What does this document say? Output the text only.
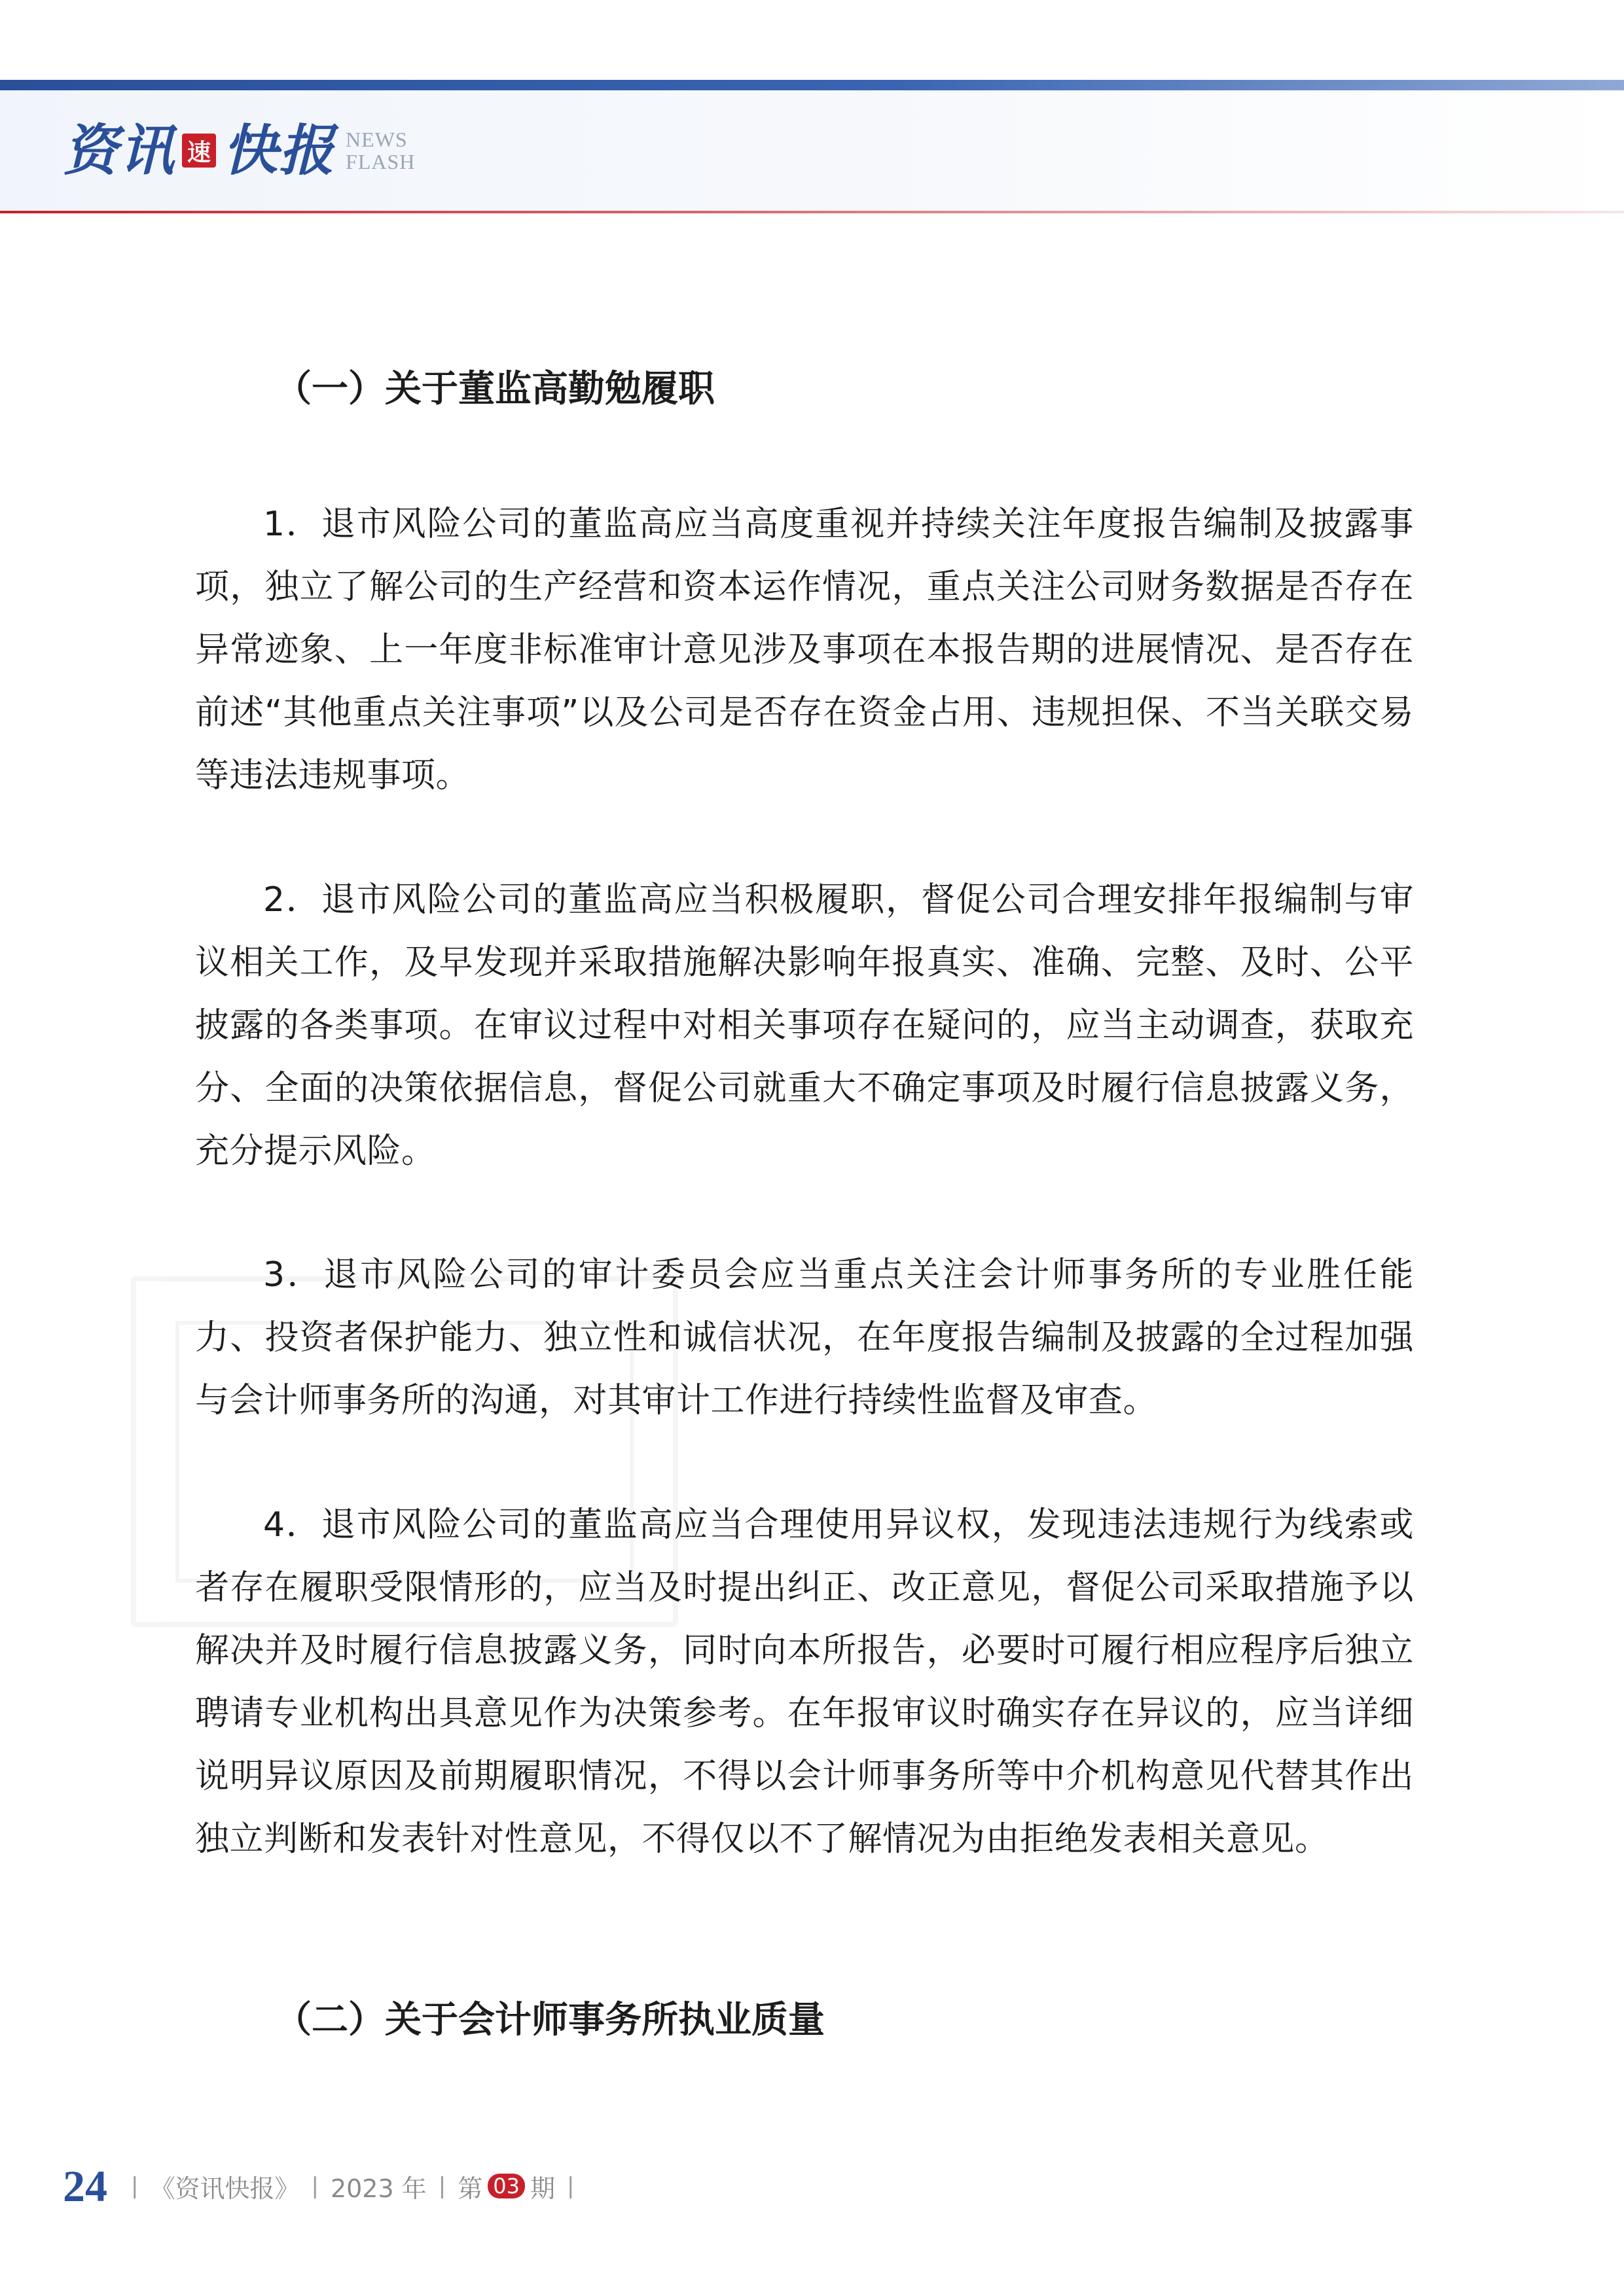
资讯 速 快报 NEWS
FLASH
（一）关于董监高勤勉履职

1．退市风险公司的董监高应当高度重视并持续关注年度报告编制及披露事项，独立了解公司的生产经营和资本运作情况，重点关注公司财务数据是否存在异常迹象、上一年度非标准审计意见涉及事项在本报告期的进展情况、是否存在前述“其他重点关注事项”以及公司是否存在资金占用、违规担保、不当关联交易等违法违规事项。

2．退市风险公司的董监高应当积极履职，督促公司合理安排年报编制与审议相关工作，及早发现并采取措施解决影响年报真实、准确、完整、及时、公平披露的各类事项。在审议过程中对相关事项存在疑问的，应当主动调查，获取充分、全面的决策依据信息，督促公司就重大不确定事项及时履行信息披露义务，充分提示风险。

3．退市风险公司的审计委员会应当重点关注会计师事务所的专业胜任能力、投资者保护能力、独立性和诚信状况，在年度报告编制及披露的全过程加强与会计师事务所的沟通，对其审计工作进行持续性监督及审查。

4．退市风险公司的董监高应当合理使用异议权，发现违法违规行为线索或者存在履职受限情形的，应当及时提出纠正、改正意见，督促公司采取措施予以解决并及时履行信息披露义务，同时向本所报告，必要时可履行相应程序后独立聘请专业机构出具意见作为决策参考。在年报审议时确实存在异议的，应当详细说明异议原因及前期履职情况，不得以会计师事务所等中介机构意见代替其作出独立判断和发表针对性意见，不得仅以不了解情况为由拒绝发表相关意见。

（二）关于会计师事务所执业质量
24 | 《资讯快报》 | 2023 年 | 第 03 期 |
